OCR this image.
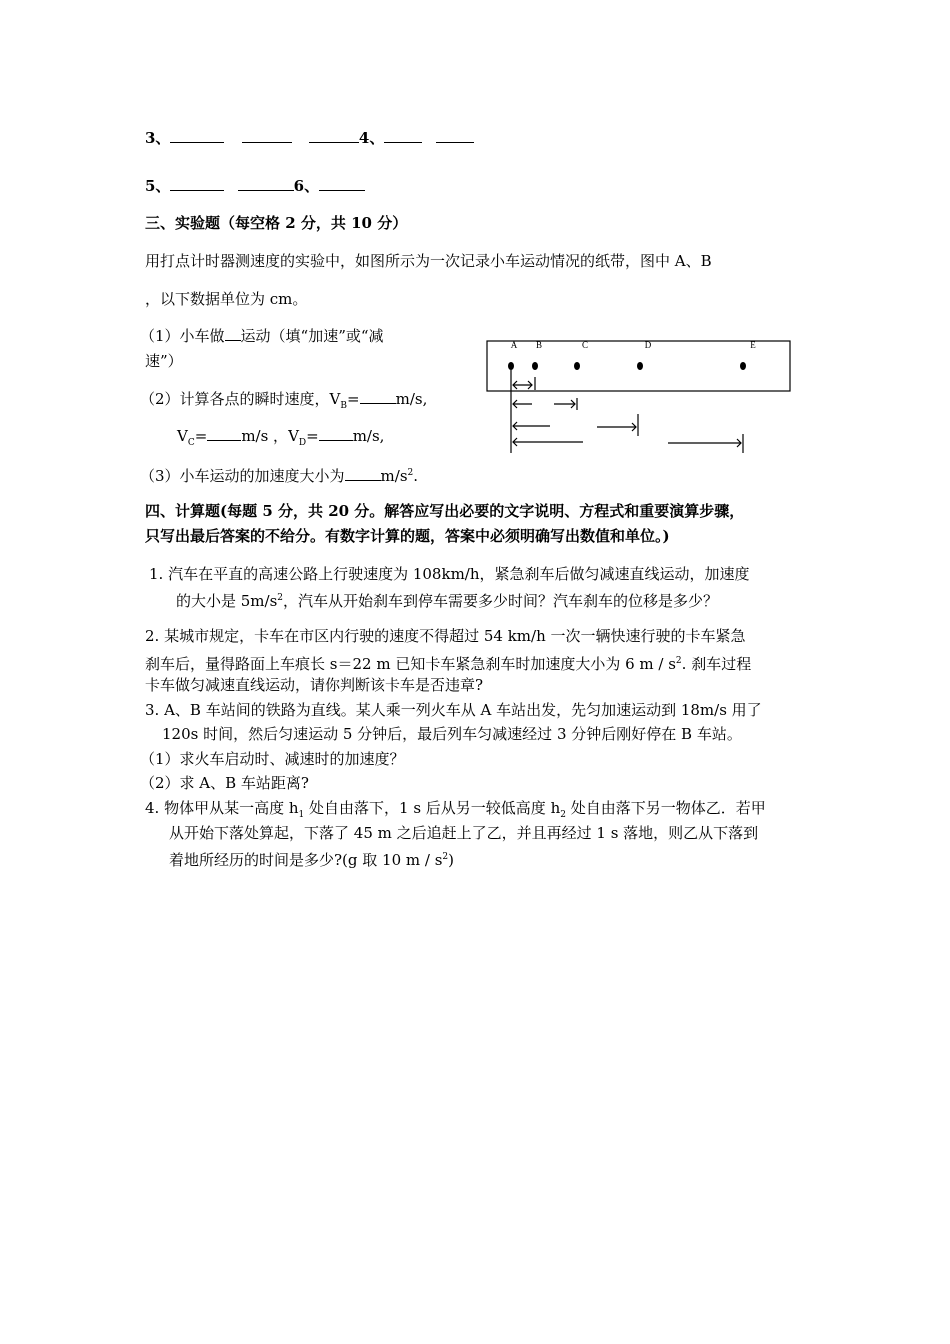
3、	4、
5、	6、
三、实验题（每空格 2 分，共 10 分）
用打点计时器测速度的实验中，如图所示为一次记录小车运动情况的纸带，图中 A、B
，以下数据单位为 cm。
（1）小车做 运动（填“加速”或“减
速”）
（2）计算各点的瞬时速度，$V_B= m/s$,
$V_C= m/s$ ，$V_D= m/s$,
（3）小车运动的加速度大小为 $m/s^2$.
A B	C	D	E
四、计算题(每题 5 分，共 20 分。解答应写出必要的文字说明、方程式和重要演算步骤，
只写出最后答案的不给分。有数字计算的题，答案中必须明确写出数值和单位。)
1. 汽车在平直的高速公路上行驶速度为 108km/h，紧急刹车后做匀减速直线运动，加速度
的大小是 $5m/s^2$，汽车从开始刹车到停车需要多少时间？汽车刹车的位移是多少？
2. 某城市规定，卡车在市区内行驶的速度不得超过 54 km/h 一次一辆快速行驶的卡车紧急
刹车后，量得路面上车痕长 s＝22 m 已知卡车紧急刹车时加速度大小为 6 m / $s^2$. 刹车过程
卡车做匀减速直线运动，请你判断该卡车是否违章?
3. A、B 车站间的铁路为直线。某人乘一列火车从 A 车站出发，先匀加速运动到 18m/s 用了
120s 时间，然后匀速运动 5 分钟后，最后列车匀减速经过 3 分钟后刚好停在 B 车站。
（1）求火车启动时、减速时的加速度？
（2）求 A、B 车站距离?
4. 物体甲从某一高度 $h_1$ 处自由落下，1 s 后从另一较低高度 $h_2$ 处自由落下另一物体乙．若甲
从开始下落处算起，下落了 45 m 之后追赶上了乙，并且再经过 1 s 落地，则乙从下落到
着地所经历的时间是多少?(g 取 10 m / $s^2$)
